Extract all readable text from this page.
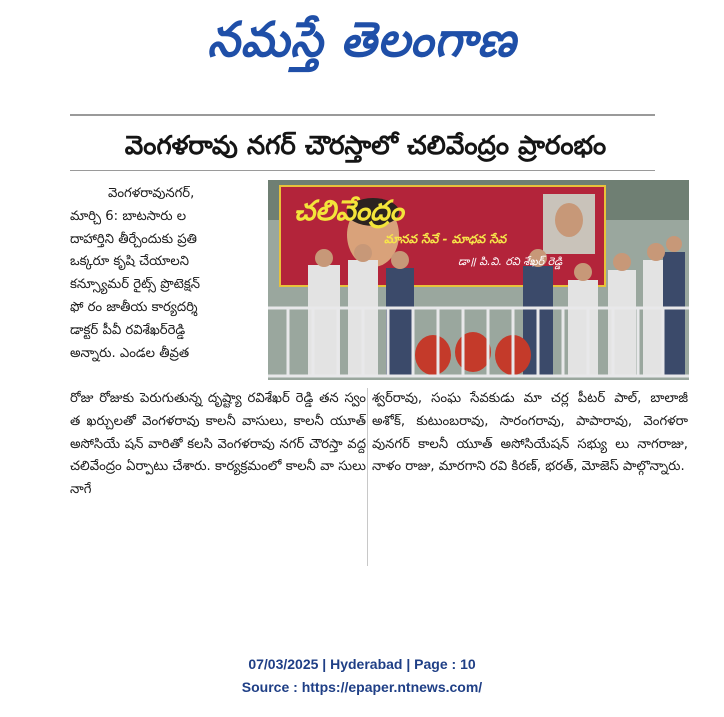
నమస్తే తెలంగాణ
వెంగళరావు నగర్ చౌరస్తాలో చలివేంద్రం ప్రారంభం

వెంగళరావునగర్,

మార్చి 6: బాటసారు ల

దాహార్తిని తీర్చేందుకు ప్రతి

ఒక్కరూ కృషి చేయాలని

కన్స్యూమర్ రైట్స్ ప్రొటెక్షన్

ఫో రం జాతీయ కార్యదర్శి

డాక్టర్ పీవీ రవిశేఖర్‌రెడ్డి

అన్నారు. ఎండల తీవ్రత

చలివేంద్రం
మానవ సేవే - మాధవ సేవ
డా॥ పి.వి. రవి శేఖర్ రెడ్డి
రోజు రోజుకు పెరుగుతున్న దృష్ట్యా రవిశేఖర్ రెడ్డి తన స్వం త ఖర్చులతో వెంగళరావు కాలనీ వాసులు, కాలనీ యూత్ అసోసియే షన్ వారితో కలసి వెంగళరావు నగర్ చౌరస్తా వద్ద చలివేంద్రం ఏర్పాటు చేశారు. కార్యక్రమంలో కాలనీ వా సులు నాగే
శ్వర్‌రావు, సంఘ సేవకుడు మా చర్ల పీటర్ పాల్, బాలాజీ అశోక్, కుటుంబరావు, సారంగరావు, పాపారావు, వెంగళరా వునగర్ కాలనీ యూత్ అసోసియేషన్ సభ్యు లు నాగరాజు, నాళం రాజు, మారగాని రవి కిరణ్, భరత్, మోజెస్ పాల్గొన్నారు.
07/03/2025 | Hyderabad | Page : 10
Source : https://epaper.ntnews.com/
